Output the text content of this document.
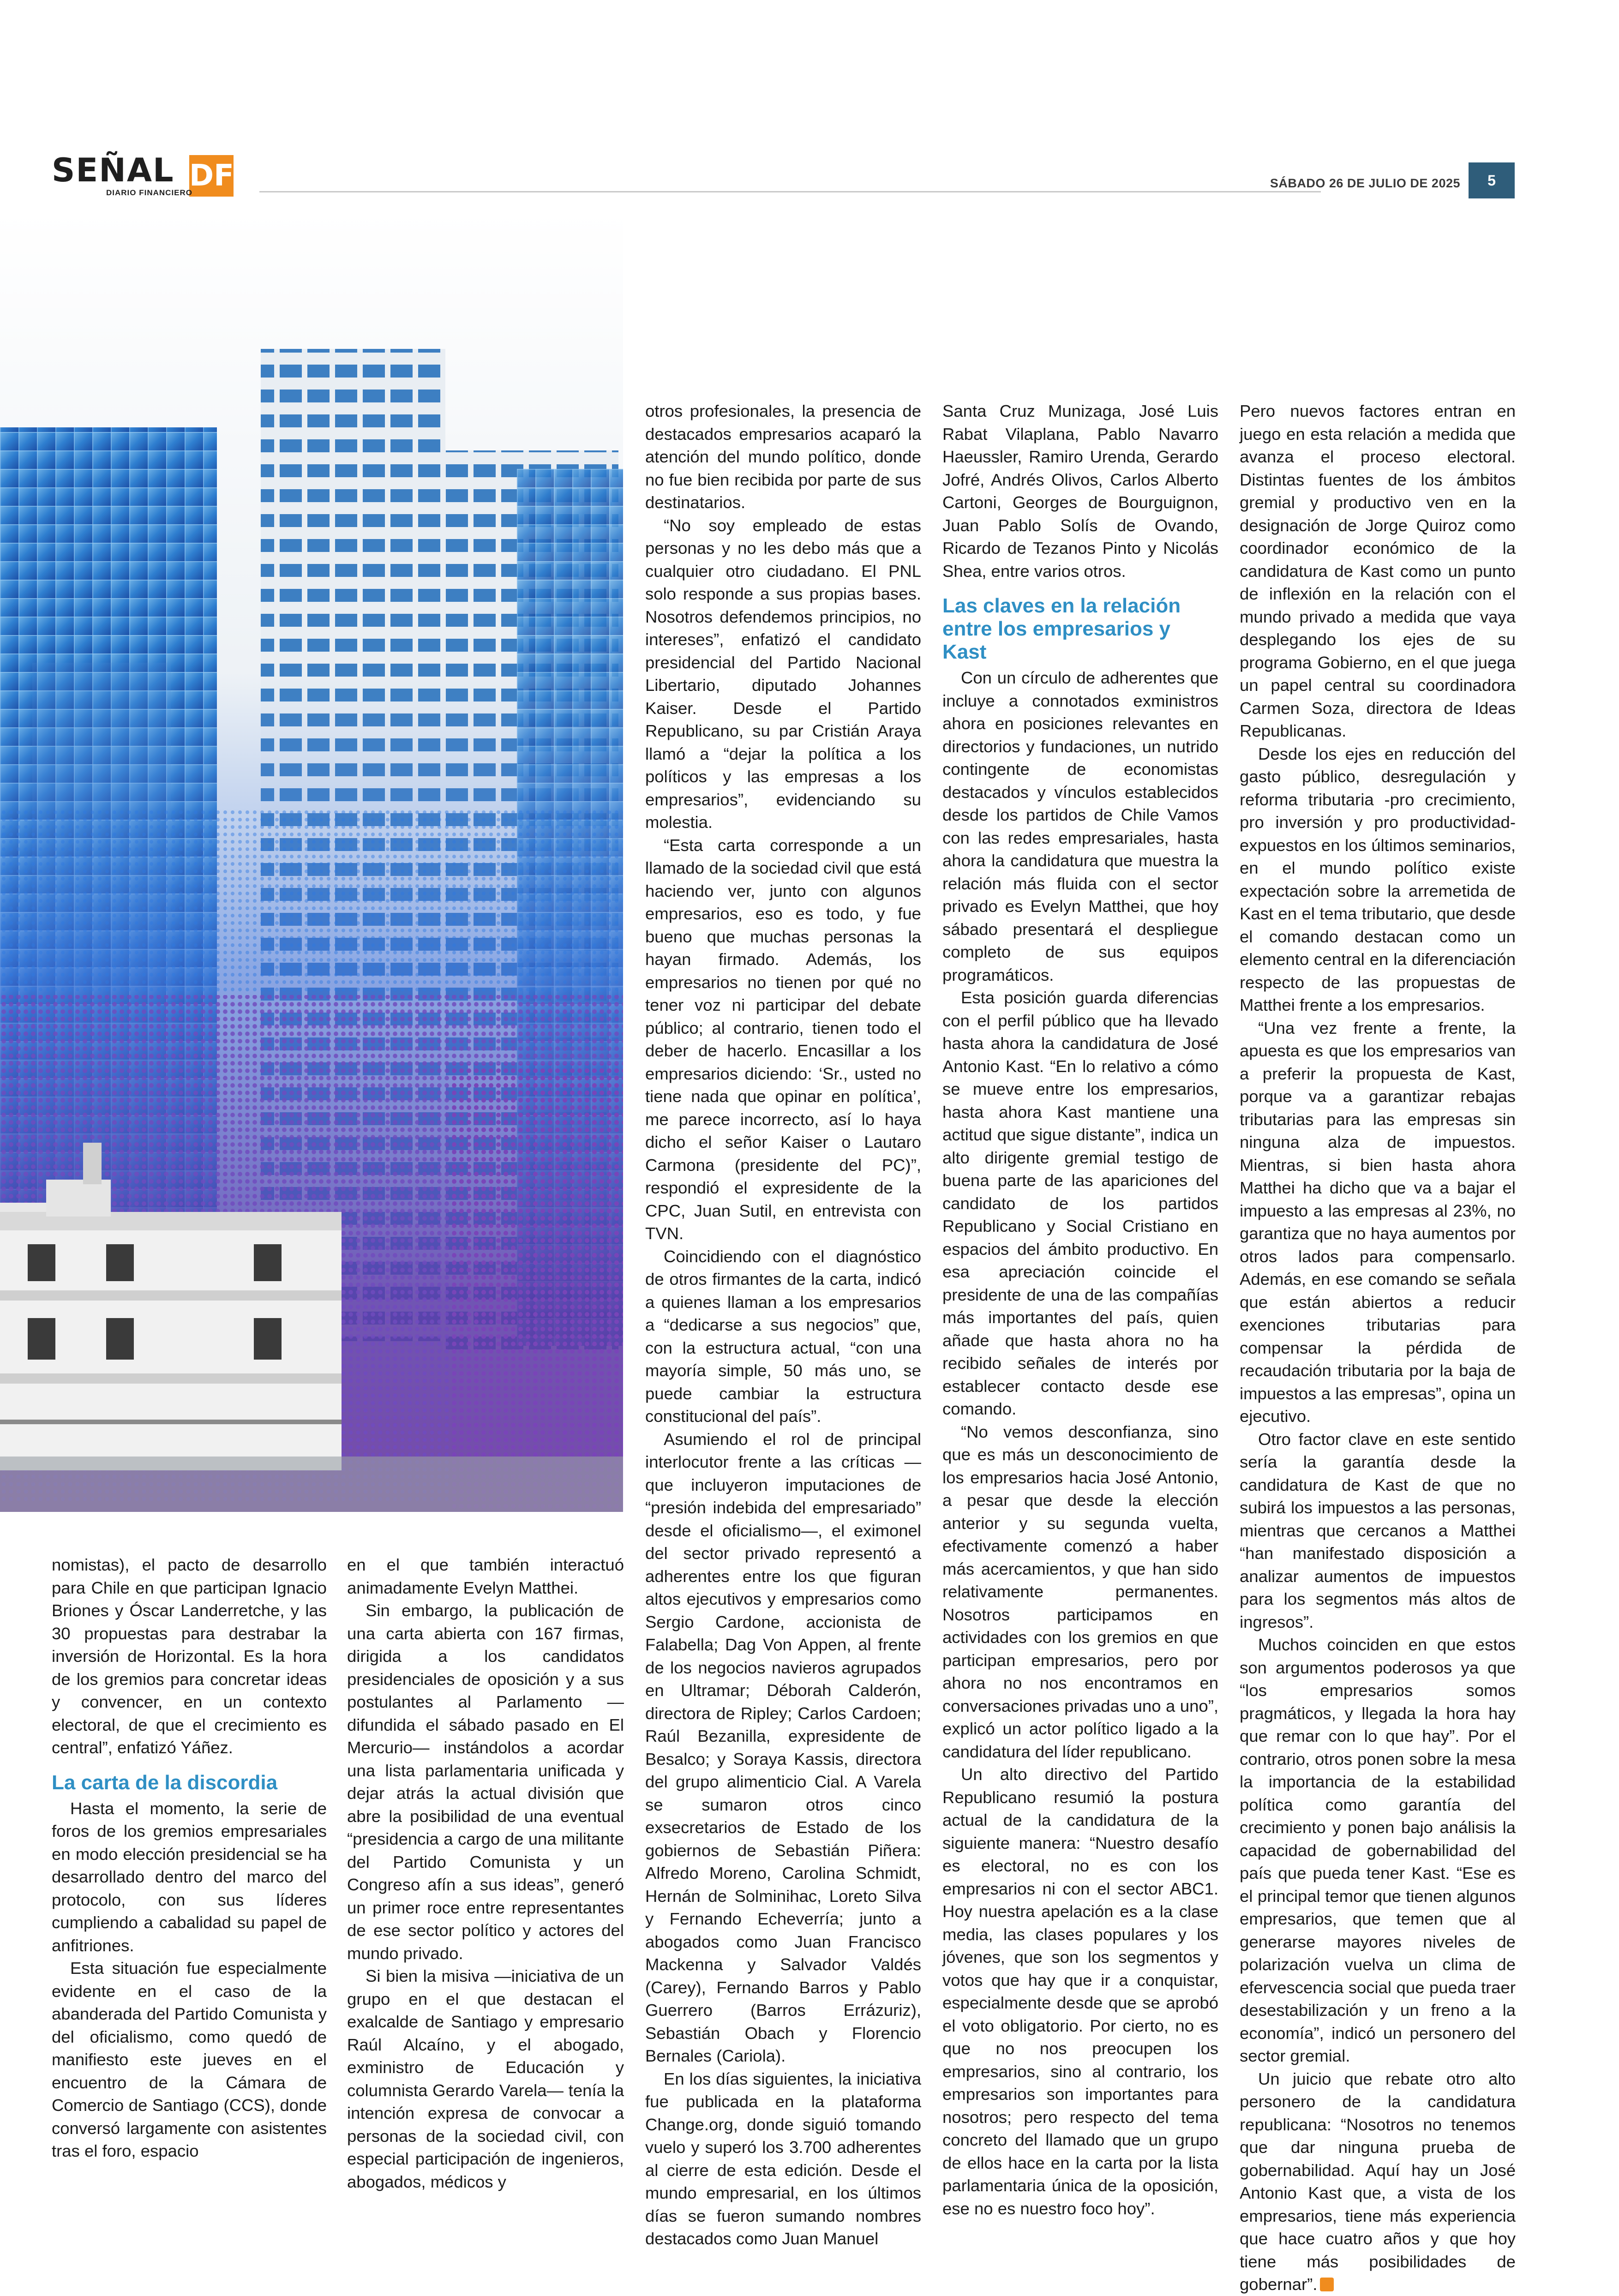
SEÑAL DF
DIARIO FINANCIERO
SÁBADO 26 DE JULIO DE 2025	5

nomistas), el pacto de desarrollo para Chile en que participan Ignacio Briones y Óscar Landerretche, y las 30 propuestas para destrabar la inversión de Horizontal. Es la hora de los gremios para concretar ideas y convencer, en un contexto electoral, de que el crecimiento es central”, enfatizó Yáñez.

La carta de la discordia

Hasta el momento, la serie de foros de los gremios empresariales en modo elección presidencial se ha desarrollado dentro del marco del protocolo, con sus líderes cumpliendo a cabalidad su papel de anfitriones.

Esta situación fue especialmente evidente en el caso de la abanderada del Partido Comunista y del oficialismo, como quedó de manifiesto este jueves en el encuentro de la Cámara de Comercio de Santiago (CCS), donde conversó largamente con asistentes tras el foro, espacio

en el que también interactuó animadamente Evelyn Matthei.

Sin embargo, la publicación de una carta abierta con 167 firmas, dirigida a los candidatos presidenciales de oposición y a sus postulantes al Parlamento —difundida el sábado pasado en El Mercurio— instándolos a acordar una lista parlamentaria unificada y dejar atrás la actual división que abre la posibilidad de una eventual “presidencia a cargo de una militante del Partido Comunista y un Congreso afín a sus ideas”, generó un primer roce entre representantes de ese sector político y actores del mundo privado.

Si bien la misiva —iniciativa de un grupo en el que destacan el exalcalde de Santiago y empresario Raúl Alcaíno, y el abogado, exministro de Educación y columnista Gerardo Varela— tenía la intención expresa de convocar a personas de la sociedad civil, con especial participación de ingenieros, abogados, médicos y

otros profesionales, la presencia de destacados empresarios acaparó la atención del mundo político, donde no fue bien recibida por parte de sus destinatarios.

“No soy empleado de estas personas y no les debo más que a cualquier otro ciudadano. El PNL solo responde a sus propias bases. Nosotros defendemos principios, no intereses”, enfatizó el candidato presidencial del Partido Nacional Libertario, diputado Johannes Kaiser. Desde el Partido Republicano, su par Cristián Araya llamó a “dejar la política a los políticos y las empresas a los empresarios”, evidenciando su molestia.

“Esta carta corresponde a un llamado de la sociedad civil que está haciendo ver, junto con algunos empresarios, eso es todo, y fue bueno que muchas personas la hayan firmado. Además, los empresarios no tienen por qué no tener voz ni participar del debate público; al contrario, tienen todo el deber de hacerlo. Encasillar a los empresarios diciendo: ‘Sr., usted no tiene nada que opinar en política’, me parece incorrecto, así lo haya dicho el señor Kaiser o Lautaro Carmona (presidente del PC)”, respondió el expresidente de la CPC, Juan Sutil, en entrevista con TVN.

Coincidiendo con el diagnóstico de otros firmantes de la carta, indicó a quienes llaman a los empresarios a “dedicarse a sus negocios” que, con la estructura actual, “con una mayoría simple, 50 más uno, se puede cambiar la estructura constitucional del país”.

Asumiendo el rol de principal interlocutor frente a las críticas —que incluyeron imputaciones de “presión indebida del empresariado” desde el oficialismo—, el eximonel del sector privado representó a adherentes entre los que figuran altos ejecutivos y empresarios como Sergio Cardone, accionista de Falabella; Dag Von Appen, al frente de los negocios navieros agrupados en Ultramar; Déborah Calderón, directora de Ripley; Carlos Cardoen; Raúl Bezanilla, expresidente de Besalco; y Soraya Kassis, directora del grupo alimenticio Cial. A Varela se sumaron otros cinco exsecretarios de Estado de los gobiernos de Sebastián Piñera: Alfredo Moreno, Carolina Schmidt, Hernán de Solminihac, Loreto Silva y Fernando Echeverría; junto a abogados como Juan Francisco Mackenna y Salvador Valdés (Carey), Fernando Barros y Pablo Guerrero (Barros Errázuriz), Sebastián Obach y Florencio Bernales (Cariola).

En los días siguientes, la iniciativa fue publicada en la plataforma Change.org, donde siguió tomando vuelo y superó los 3.700 adherentes al cierre de esta edición. Desde el mundo empresarial, en los últimos días se fueron sumando nombres destacados como Juan Manuel

Santa Cruz Munizaga, José Luis Rabat Vilaplana, Pablo Navarro Haeussler, Ramiro Urenda, Gerardo Jofré, Andrés Olivos, Carlos Alberto Cartoni, Georges de Bourguignon, Juan Pablo Solís de Ovando, Ricardo de Tezanos Pinto y Nicolás Shea, entre varios otros.

Las claves en la relación entre los empresarios y Kast

Con un círculo de adherentes que incluye a connotados exministros ahora en posiciones relevantes en directorios y fundaciones, un nutrido contingente de economistas destacados y vínculos establecidos desde los partidos de Chile Vamos con las redes empresariales, hasta ahora la candidatura que muestra la relación más fluida con el sector privado es Evelyn Matthei, que hoy sábado presentará el despliegue completo de sus equipos programáticos.

Esta posición guarda diferencias con el perfil público que ha llevado hasta ahora la candidatura de José Antonio Kast. “En lo relativo a cómo se mueve entre los empresarios, hasta ahora Kast mantiene una actitud que sigue distante”, indica un alto dirigente gremial testigo de buena parte de las apariciones del candidato de los partidos Republicano y Social Cristiano en espacios del ámbito productivo. En esa apreciación coincide el presidente de una de las compañías más importantes del país, quien añade que hasta ahora no ha recibido señales de interés por establecer contacto desde ese comando.

“No vemos desconfianza, sino que es más un desconocimiento de los empresarios hacia José Antonio, a pesar que desde la elección anterior y su segunda vuelta, efectivamente comenzó a haber más acercamientos, y que han sido relativamente permanentes. Nosotros participamos en actividades con los gremios en que participan empresarios, pero por ahora no nos encontramos en conversaciones privadas uno a uno”, explicó un actor político ligado a la candidatura del líder republicano.

Un alto directivo del Partido Republicano resumió la postura actual de la candidatura de la siguiente manera: “Nuestro desafío es electoral, no es con los empresarios ni con el sector ABC1. Hoy nuestra apelación es a la clase media, las clases populares y los jóvenes, que son los segmentos y votos que hay que ir a conquistar, especialmente desde que se aprobó el voto obligatorio. Por cierto, no es que no nos preocupen los empresarios, sino al contrario, los empresarios son importantes para nosotros; pero respecto del tema concreto del llamado que un grupo de ellos hace en la carta por la lista parlamentaria única de la oposición, ese no es nuestro foco hoy”.

Pero nuevos factores entran en juego en esta relación a medida que avanza el proceso electoral. Distintas fuentes de los ámbitos gremial y productivo ven en la designación de Jorge Quiroz como coordinador económico de la candidatura de Kast como un punto de inflexión en la relación con el mundo privado a medida que vaya desplegando los ejes de su programa Gobierno, en el que juega un papel central su coordinadora Carmen Soza, directora de Ideas Republicanas.

Desde los ejes en reducción del gasto público, desregulación y reforma tributaria -pro crecimiento, pro inversión y pro productividad- expuestos en los últimos seminarios, en el mundo político existe expectación sobre la arremetida de Kast en el tema tributario, que desde el comando destacan como un elemento central en la diferenciación respecto de las propuestas de Matthei frente a los empresarios.

“Una vez frente a frente, la apuesta es que los empresarios van a preferir la propuesta de Kast, porque va a garantizar rebajas tributarias para las empresas sin ninguna alza de impuestos. Mientras, si bien hasta ahora Matthei ha dicho que va a bajar el impuesto a las empresas al 23%, no garantiza que no haya aumentos por otros lados para compensarlo. Además, en ese comando se señala que están abiertos a reducir exenciones tributarias para compensar la pérdida de recaudación tributaria por la baja de impuestos a las empresas”, opina un ejecutivo.

Otro factor clave en este sentido sería la garantía desde la candidatura de Kast de que no subirá los impuestos a las personas, mientras que cercanos a Matthei “han manifestado disposición a analizar aumentos de impuestos para los segmentos más altos de ingresos”.

Muchos coinciden en que estos son argumentos poderosos ya que “los empresarios somos pragmáticos, y llegada la hora hay que remar con lo que hay”. Por el contrario, otros ponen sobre la mesa la importancia de la estabilidad política como garantía del crecimiento y ponen bajo análisis la capacidad de gobernabilidad del país que pueda tener Kast. “Ese es el principal temor que tienen algunos empresarios, que temen que al generarse mayores niveles de polarización vuelva un clima de efervescencia social que pueda traer desestabilización y un freno a la economía”, indicó un personero del sector gremial.

Un juicio que rebate otro alto personero de la candidatura republicana: “Nosotros no tenemos que dar ninguna prueba de gobernabilidad. Aquí hay un José Antonio Kast que, a vista de los empresarios, tiene más experiencia que hace cuatro años y que hoy tiene más posibilidades de gobernar”.
